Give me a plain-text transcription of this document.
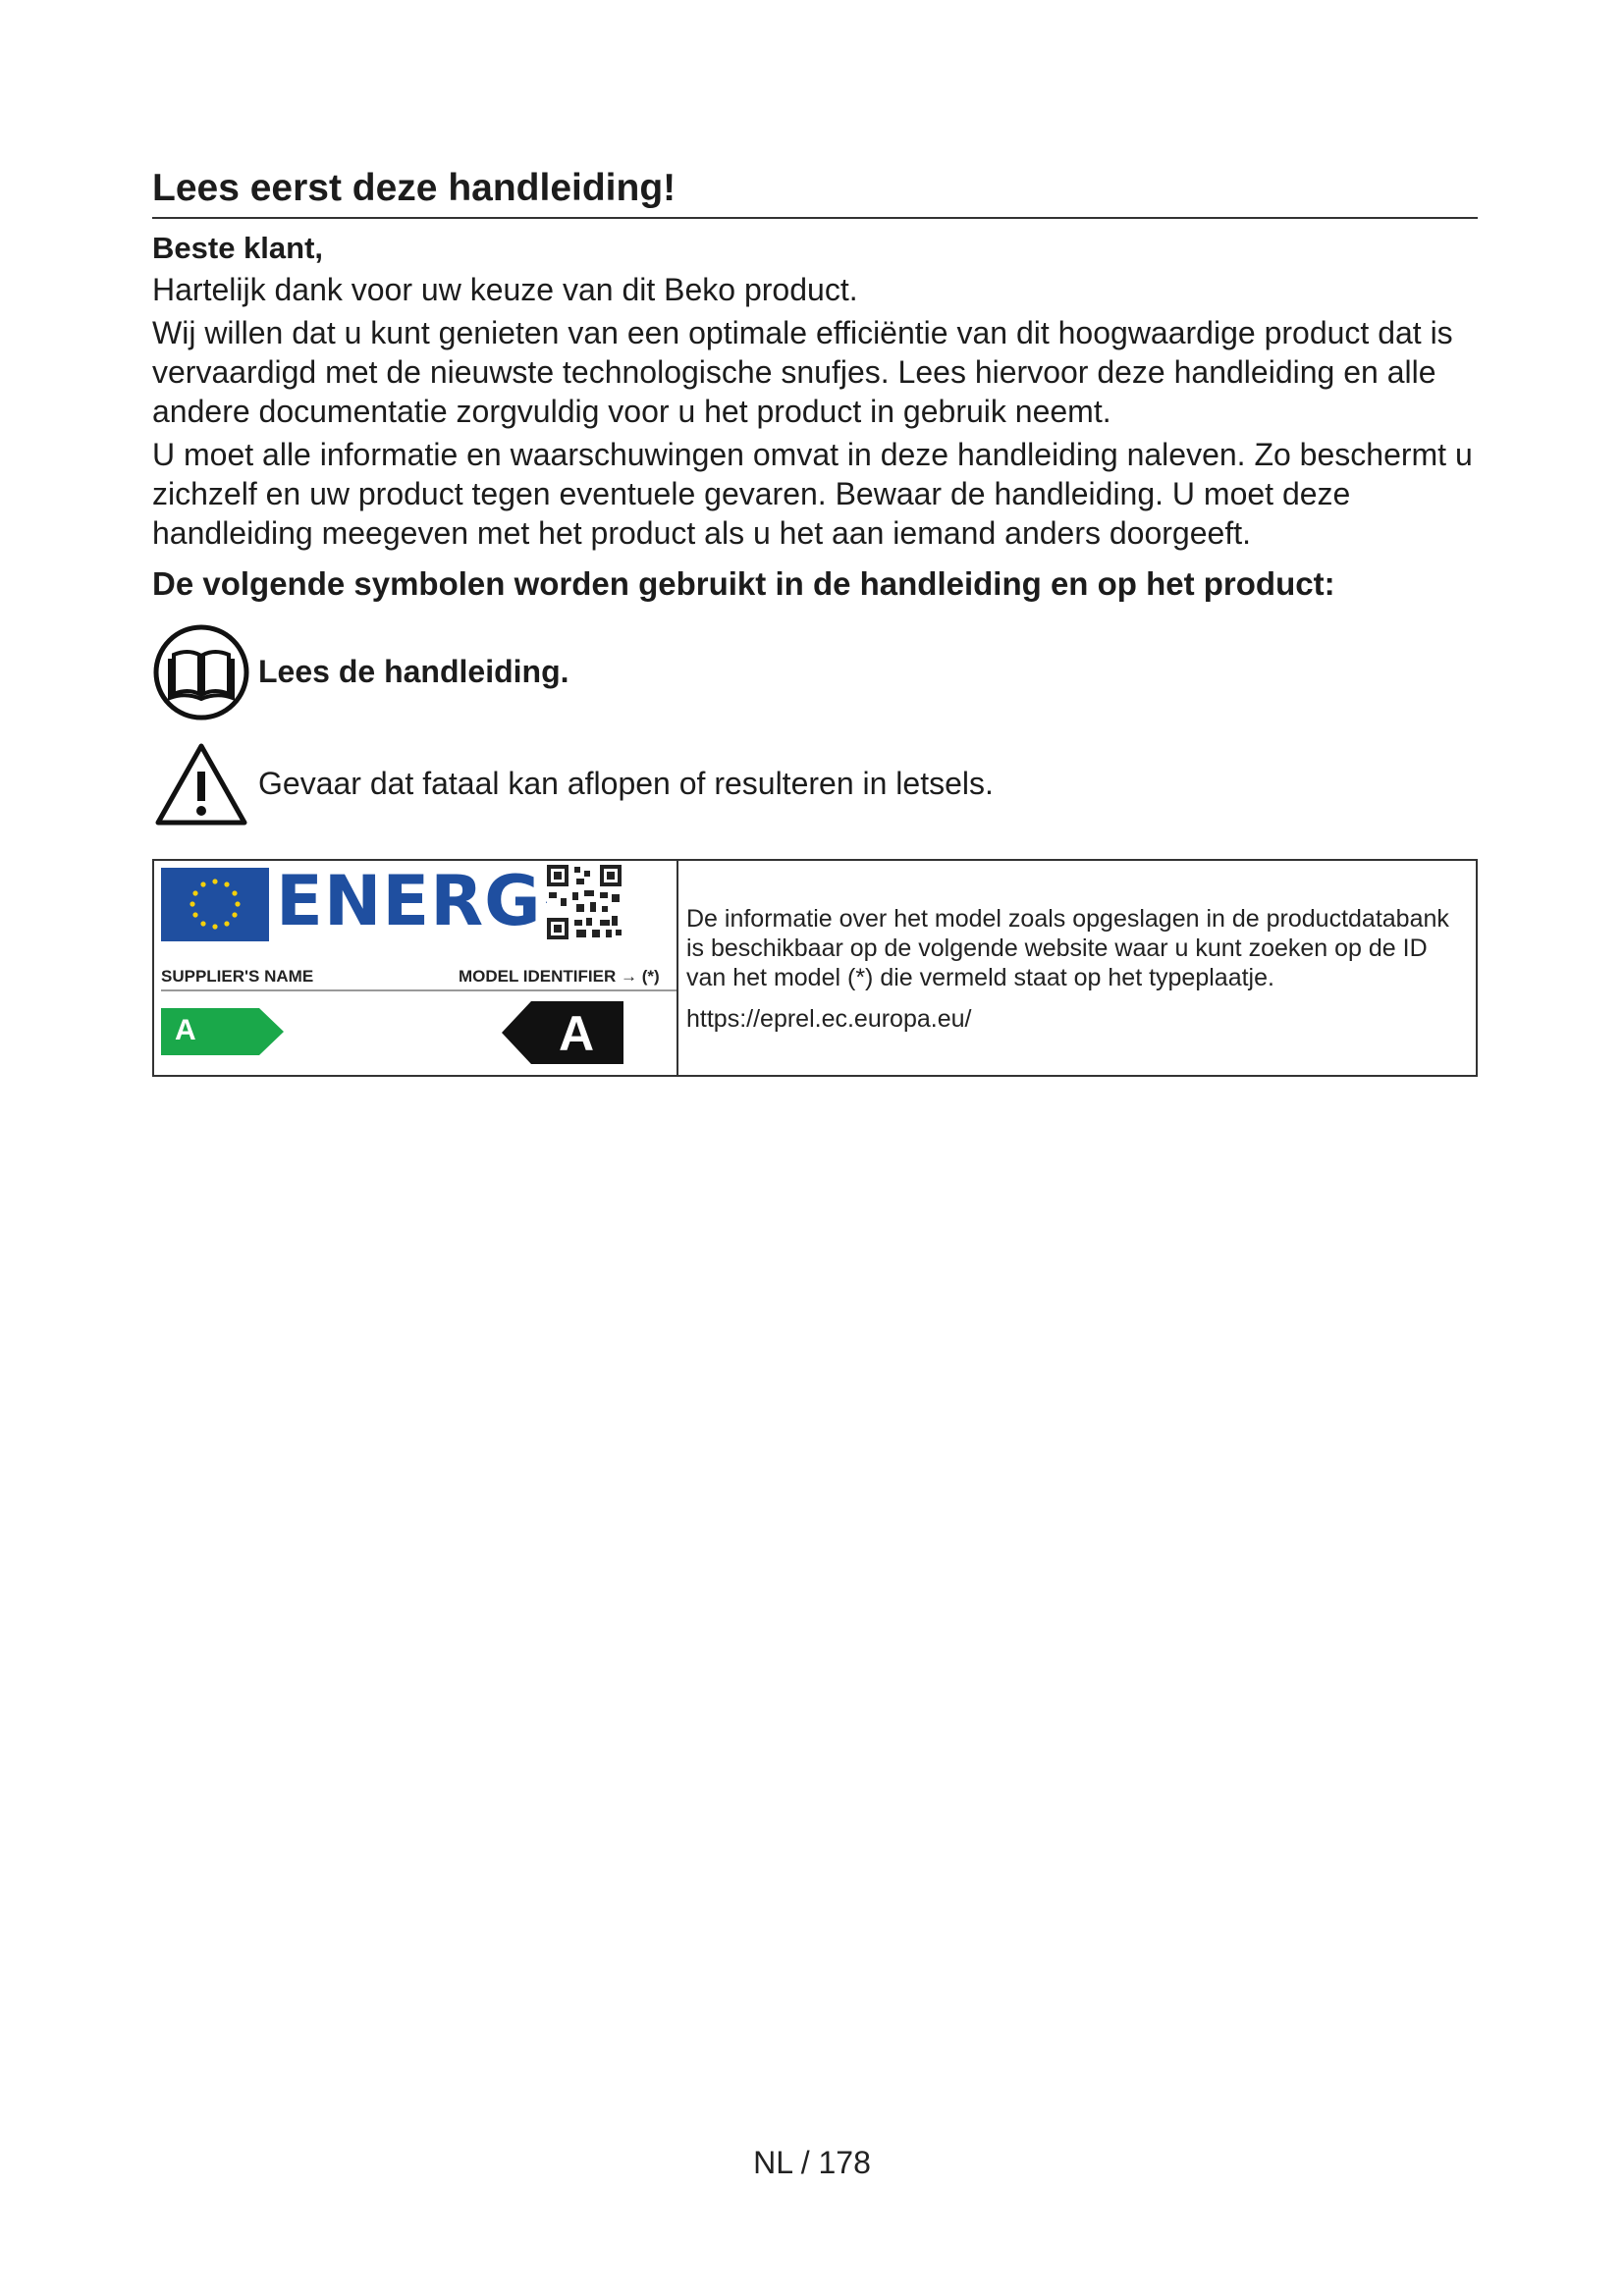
Lees eerst deze handleiding!
Beste klant,

Hartelijk dank voor uw keuze van dit Beko product.

Wij willen dat u kunt genieten van een optimale efficiëntie van dit hoogwaardige product dat is vervaardigd met de nieuwste technologische snufjes. Lees hiervoor deze handleiding en alle andere documentatie zorgvuldig voor u het product in gebruik neemt.

U moet alle informatie en waarschuwingen omvat in deze handleiding naleven. Zo beschermt u zichzelf en uw product tegen eventuele gevaren. Bewaar de handleiding. U moet deze handleiding meegeven met het product als u het aan iemand anders doorgeeft.

De volgende symbolen worden gebruikt in de handleiding en op het product:
Lees de handleiding.
Gevaar dat fataal kan aflopen of resulteren in letsels.
ENERG
SUPPLIER'S NAME	MODEL IDENTIFIER → (*)
A	A

De informatie over het model zoals opgeslagen in de productdatabank is beschikbaar op de volgende website waar u kunt zoeken op de ID van het model (*) die vermeld staat op het typeplaatje.

https://eprel.ec.europa.eu/

NL / 178
